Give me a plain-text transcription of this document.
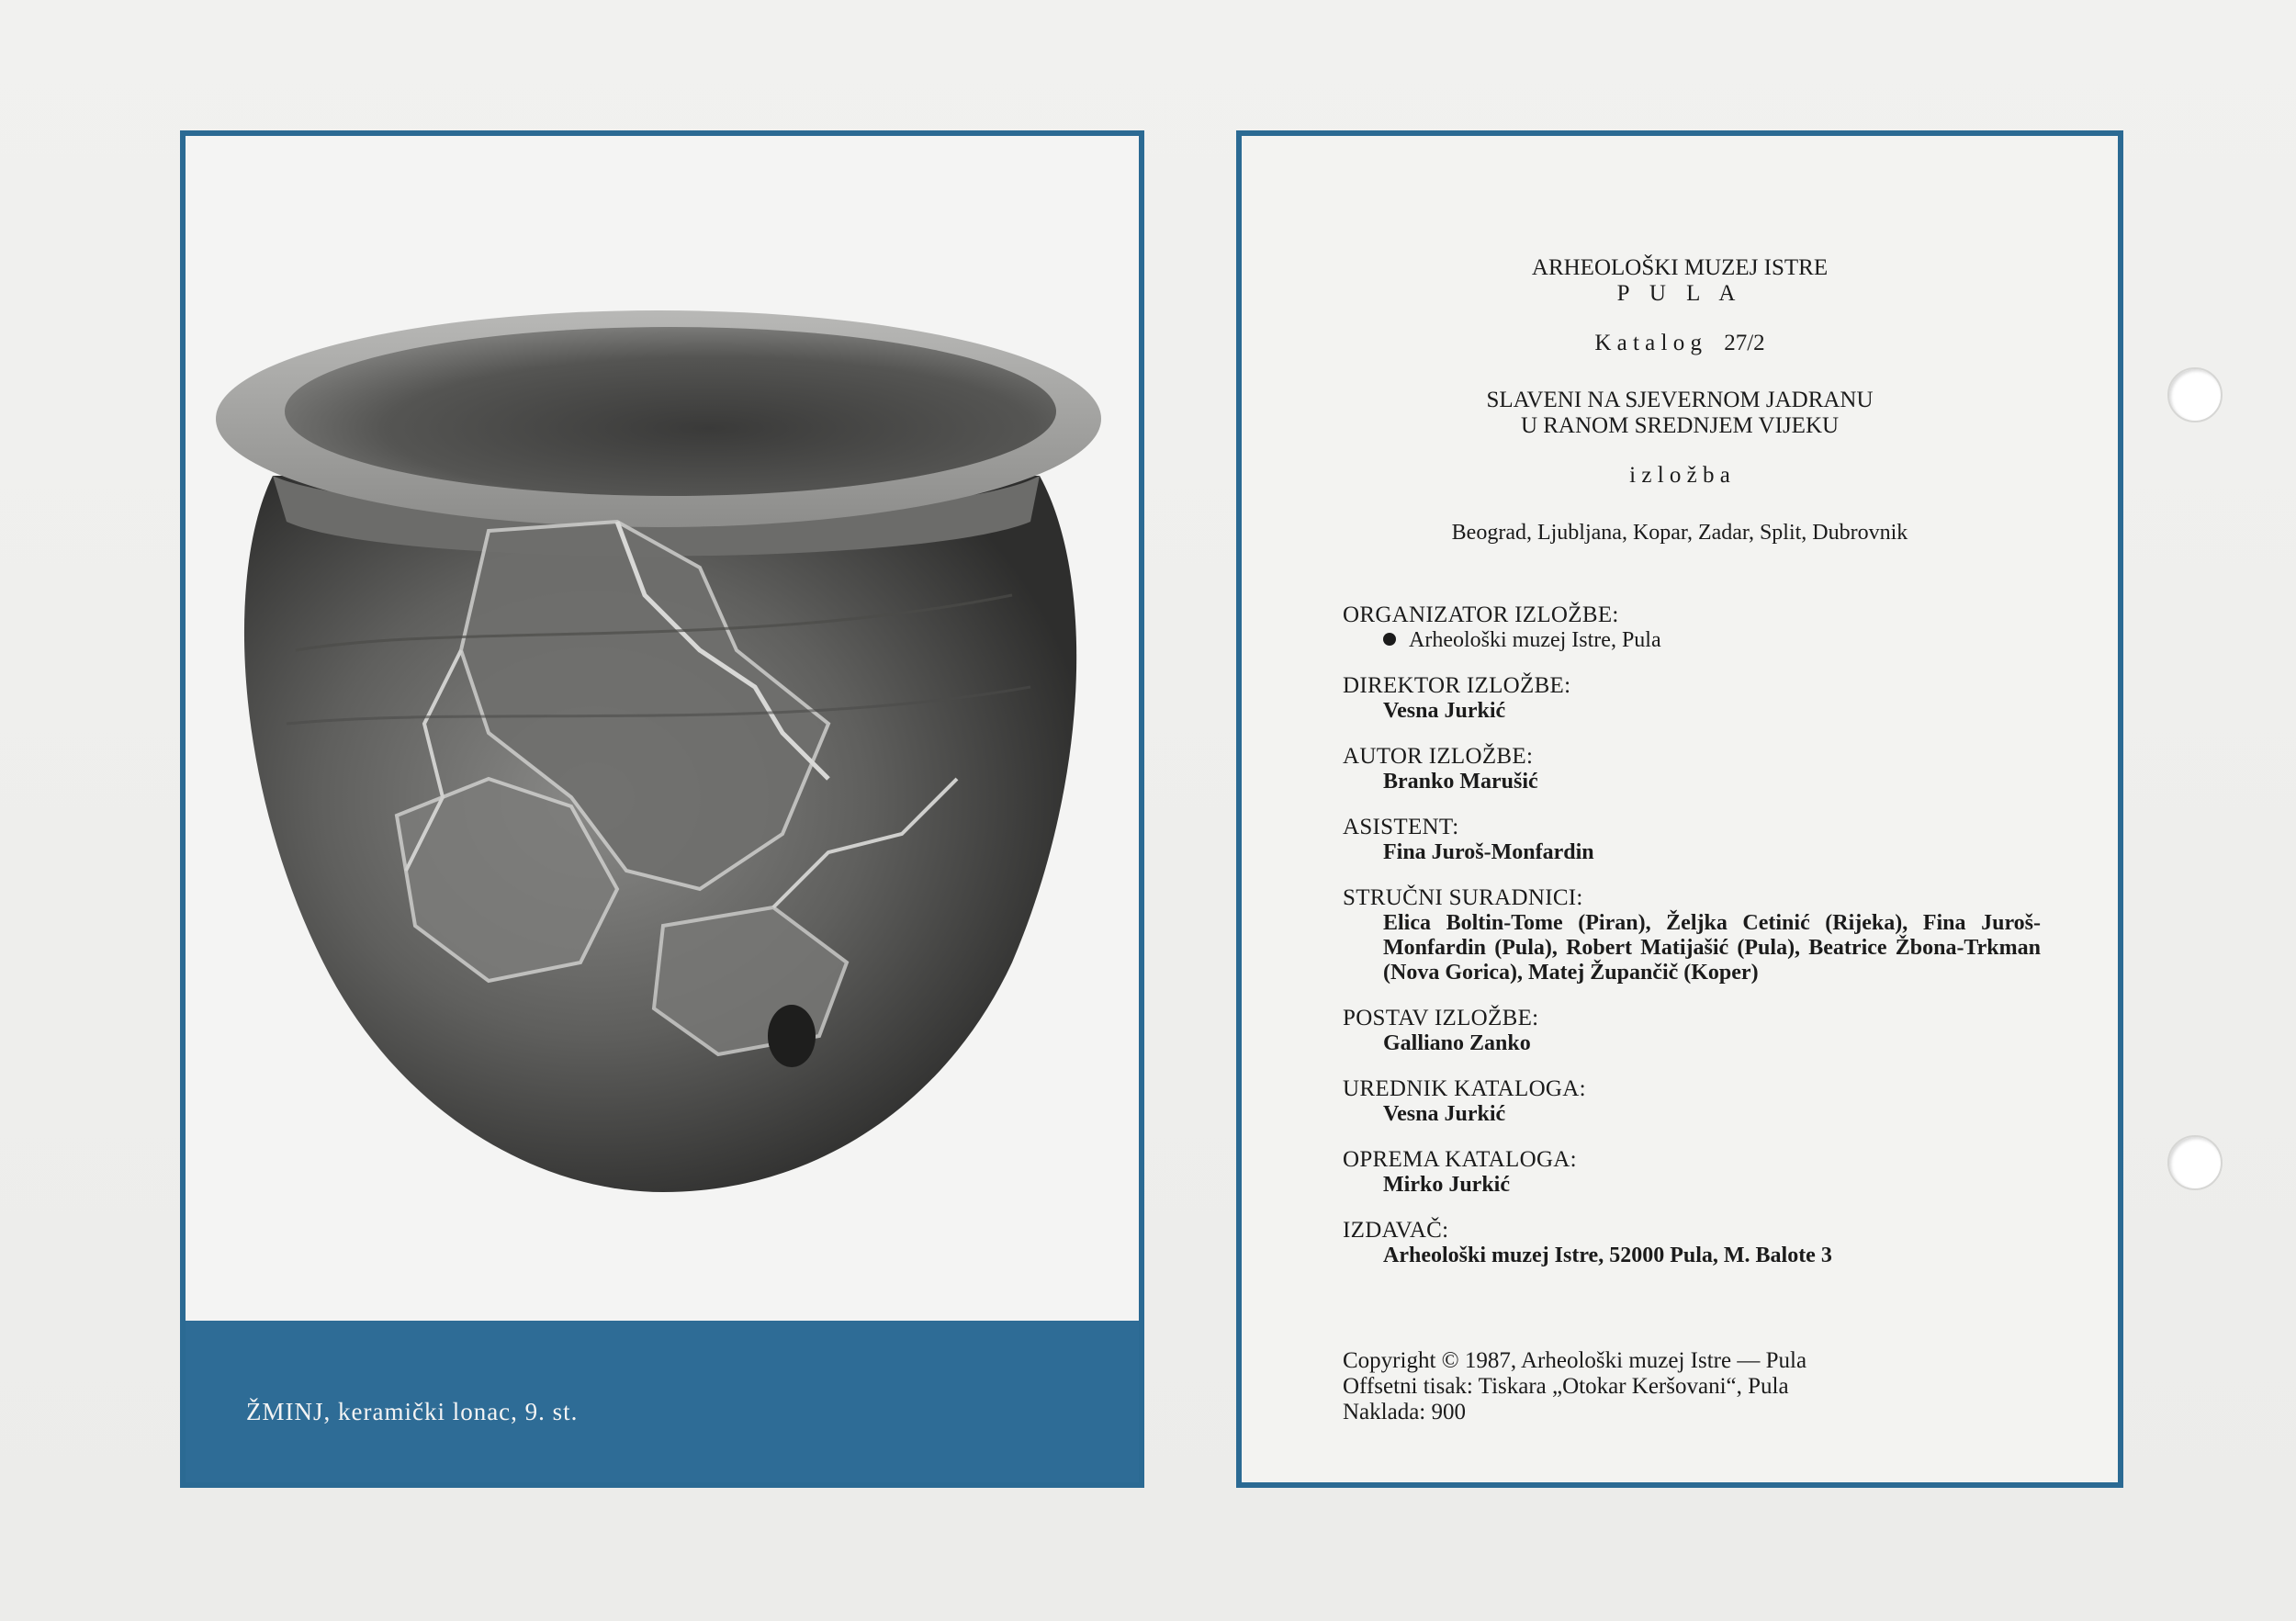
ŽMINJ, keramički lonac, 9. st.
ARHEOLOŠKI MUZEJ ISTRE
P U L A
K a t a l o g 27/2
SLAVENI NA SJEVERNOM JADRANU
U RANOM SREDNJEM VIJEKU
i z l o ž b a
Beograd, Ljubljana, Kopar, Zadar, Split, Dubrovnik
ORGANIZATOR IZLOŽBE:
Arheološki muzej Istre, Pula
DIREKTOR IZLOŽBE:
Vesna Jurkić
AUTOR IZLOŽBE:
Branko Marušić
ASISTENT:
Fina Juroš-Monfardin
STRUČNI SURADNICI:
Elica Boltin-Tome (Piran), Željka Cetinić (Rijeka), Fina Juroš-Monfardin (Pula), Robert Matijašić (Pula), Beatrice Žbona-Trkman (Nova Gorica), Matej Župančič (Koper)
POSTAV IZLOŽBE:
Galliano Zanko
UREDNIK KATALOGA:
Vesna Jurkić
OPREMA KATALOGA:
Mirko Jurkić
IZDAVAČ:
Arheološki muzej Istre, 52000 Pula, M. Balote 3
Copyright © 1987, Arheološki muzej Istre — Pula
Offsetni tisak: Tiskara „Otokar Keršovani“, Pula
Naklada: 900
